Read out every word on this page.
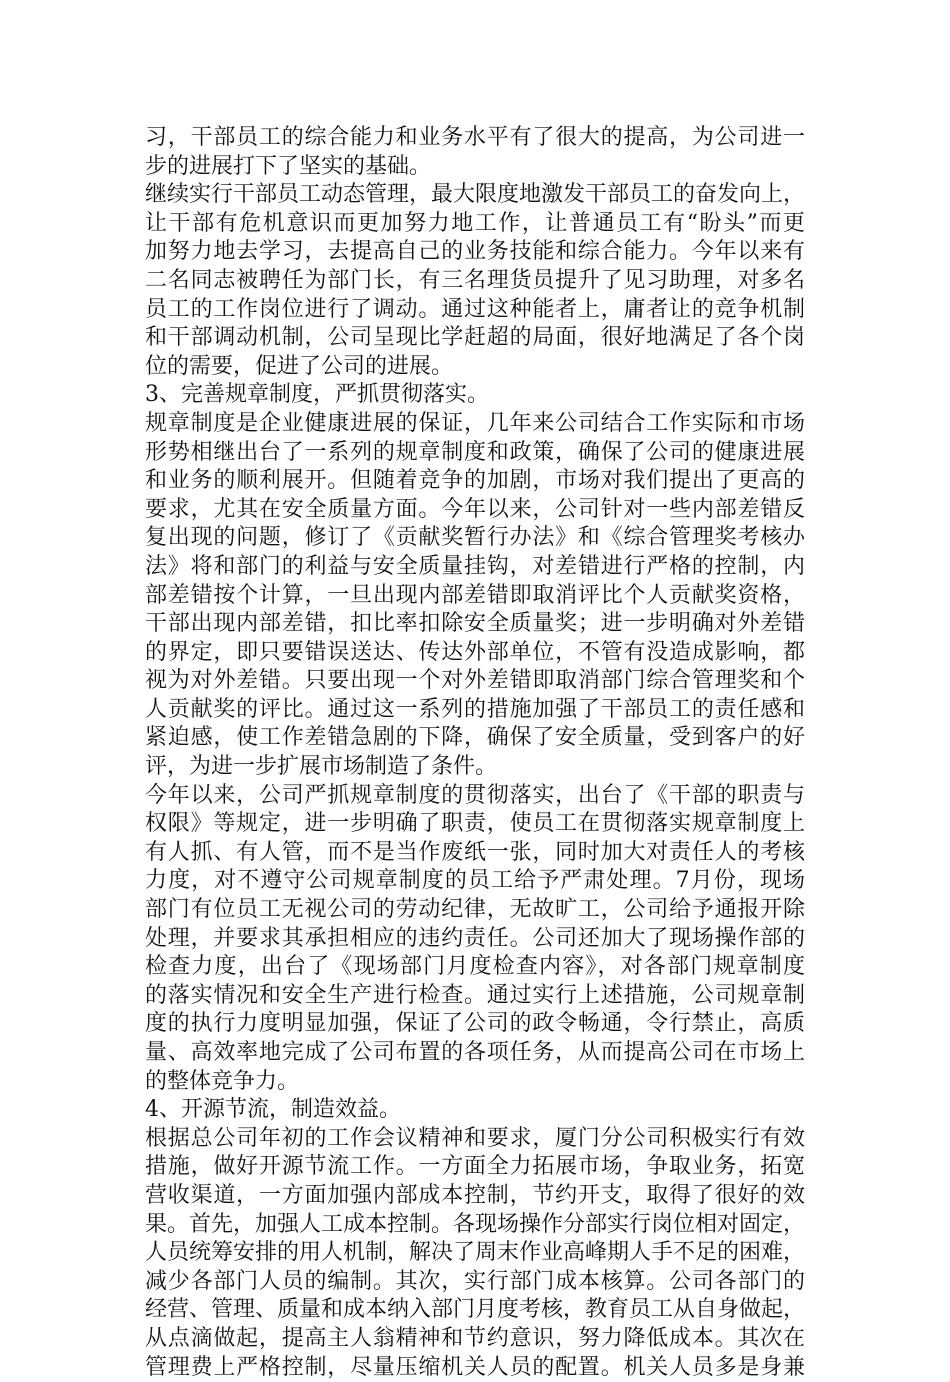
习，干部员工的综合能力和业务水平有了很大的提高，为公司进一
步的进展打下了坚实的基础。
继续实行干部员工动态管理，最大限度地激发干部员工的奋发向上，
让干部有危机意识而更加努力地工作，让普通员工有“盼头”而更
加努力地去学习，去提高自己的业务技能和综合能力。今年以来有
二名同志被聘任为部门长，有三名理货员提升了见习助理，对多名
员工的工作岗位进行了调动。通过这种能者上，庸者让的竞争机制
和干部调动机制，公司呈现比学赶超的局面，很好地满足了各个岗
位的需要，促进了公司的进展。
3、完善规章制度，严抓贯彻落实。
规章制度是企业健康进展的保证，几年来公司结合工作实际和市场
形势相继出台了一系列的规章制度和政策，确保了公司的健康进展
和业务的顺利展开。但随着竞争的加剧，市场对我们提出了更高的
要求，尤其在安全质量方面。今年以来，公司针对一些内部差错反
复出现的问题，修订了《贡献奖暂行办法》和《综合管理奖考核办
法》将和部门的利益与安全质量挂钩，对差错进行严格的控制，内
部差错按个计算，一旦出现内部差错即取消评比个人贡献奖资格，
干部出现内部差错，扣比率扣除安全质量奖；进一步明确对外差错
的界定，即只要错误送达、传达外部单位，不管有没造成影响，都
视为对外差错。只要出现一个对外差错即取消部门综合管理奖和个
人贡献奖的评比。通过这一系列的措施加强了干部员工的责任感和
紧迫感，使工作差错急剧的下降，确保了安全质量，受到客户的好
评，为进一步扩展市场制造了条件。
今年以来，公司严抓规章制度的贯彻落实，出台了《干部的职责与
权限》等规定，进一步明确了职责，使员工在贯彻落实规章制度上
有人抓、有人管，而不是当作废纸一张，同时加大对责任人的考核
力度，对不遵守公司规章制度的员工给予严肃处理。7月份，现场
部门有位员工无视公司的劳动纪律，无故旷工，公司给予通报开除
处理，并要求其承担相应的违约责任。公司还加大了现场操作部的
检查力度，出台了《现场部门月度检查内容》，对各部门规章制度
的落实情况和安全生产进行检查。通过实行上述措施，公司规章制
度的执行力度明显加强，保证了公司的政令畅通，令行禁止，高质
量、高效率地完成了公司布置的各项任务，从而提高公司在市场上
的整体竞争力。
4、开源节流，制造效益。
根据总公司年初的工作会议精神和要求，厦门分公司积极实行有效
措施，做好开源节流工作。一方面全力拓展市场，争取业务，拓宽
营收渠道，一方面加强内部成本控制，节约开支，取得了很好的效
果。首先，加强人工成本控制。各现场操作分部实行岗位相对固定，
人员统筹安排的用人机制，解决了周末作业高峰期人手不足的困难，
减少各部门人员的编制。其次，实行部门成本核算。公司各部门的
经营、管理、质量和成本纳入部门月度考核，教育员工从自身做起，
从点滴做起，提高主人翁精神和节约意识，努力降低成本。其次在
管理费上严格控制，尽量压缩机关人员的配置。机关人员多是身兼
